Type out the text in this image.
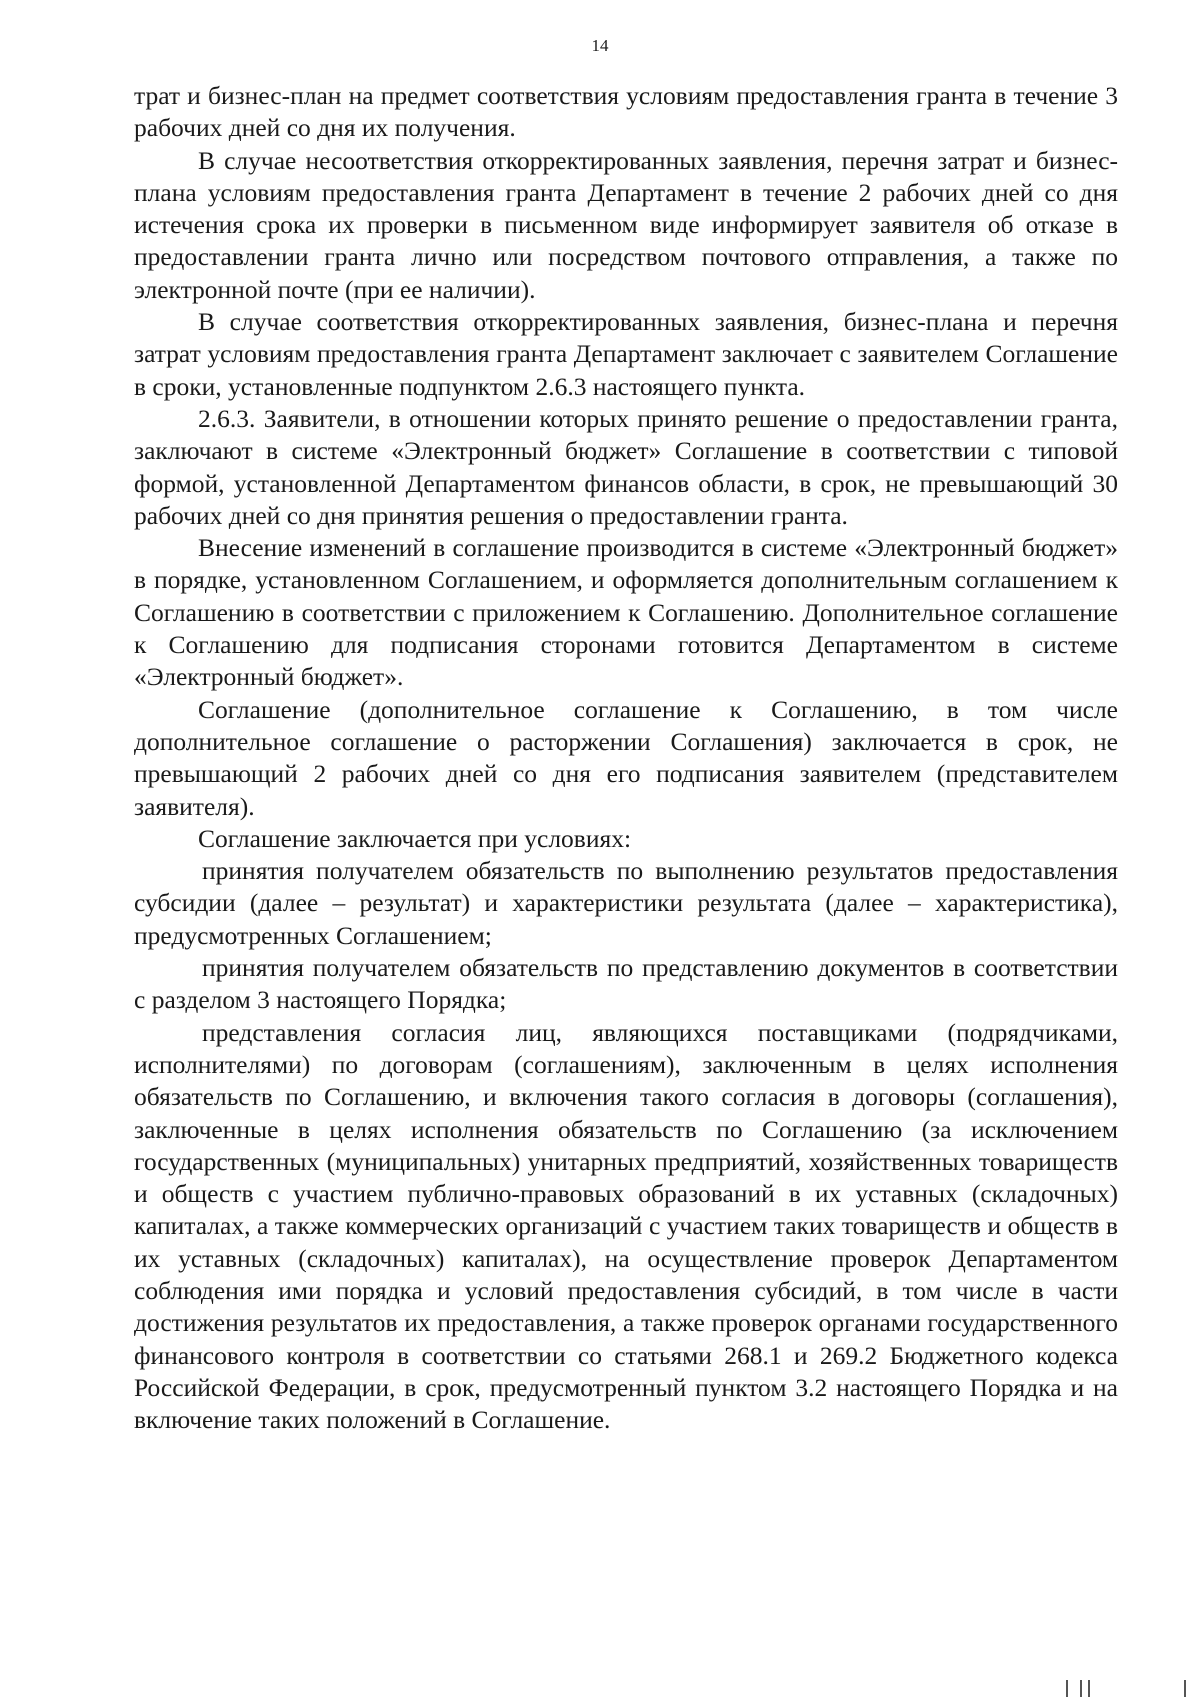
14

трат и бизнес-план на предмет соответствия условиям предоставления гранта в течение 3 рабочих дней со дня их получения.

В случае несоответствия откорректированных заявления, перечня затрат и бизнес-плана условиям предоставления гранта Департамент в течение 2 рабочих дней со дня истечения срока их проверки в письменном виде информирует заявителя об отказе в предоставлении гранта лично или посредством почтового отправления, а также по электронной почте (при ее наличии).

В случае соответствия откорректированных заявления, бизнес-плана и перечня затрат условиям предоставления гранта Департамент заключает с заявителем Соглашение в сроки, установленные подпунктом 2.6.3 настоящего пункта.

2.6.3. Заявители, в отношении которых принято решение о предоставлении гранта, заключают в системе «Электронный бюджет» Соглашение в соответствии с типовой формой, установленной Департаментом финансов области, в срок, не превышающий 30 рабочих дней со дня принятия решения о предоставлении гранта.

Внесение изменений в соглашение производится в системе «Электронный бюджет» в порядке, установленном Соглашением, и оформляется дополнительным соглашением к Соглашению в соответствии с приложением к Соглашению. Дополнительное соглашение к Соглашению для подписания сторонами готовится Департаментом в системе «Электронный бюджет».

Соглашение (дополнительное соглашение к Соглашению, в том числе дополнительное соглашение о расторжении Соглашения) заключается в срок, не превышающий 2 рабочих дней со дня его подписания заявителем (представителем заявителя).

Соглашение заключается при условиях:

принятия получателем обязательств по выполнению результатов предоставления субсидии (далее – результат) и характеристики результата (далее – характеристика), предусмотренных Соглашением;

принятия получателем обязательств по представлению документов в соответствии с разделом 3 настоящего Порядка;

представления согласия лиц, являющихся поставщиками (подрядчиками, исполнителями) по договорам (соглашениям), заключенным в целях исполнения обязательств по Соглашению, и включения такого согласия в договоры (соглашения), заключенные в целях исполнения обязательств по Соглашению (за исключением государственных (муниципальных) унитарных предприятий, хозяйственных товариществ и обществ с участием публично-правовых образований в их уставных (складочных) капиталах, а также коммерческих организаций с участием таких товариществ и обществ в их уставных (складочных) капиталах), на осуществление проверок Департаментом соблюдения ими порядка и условий предоставления субсидий, в том числе в части достижения результатов их предоставления, а также проверок органами государственного финансового контроля в соответствии со статьями 268.1 и 269.2 Бюджетного кодекса Российской Федерации, в срок, предусмотренный пунктом 3.2 настоящего Порядка и на включение таких положений в Соглашение.
